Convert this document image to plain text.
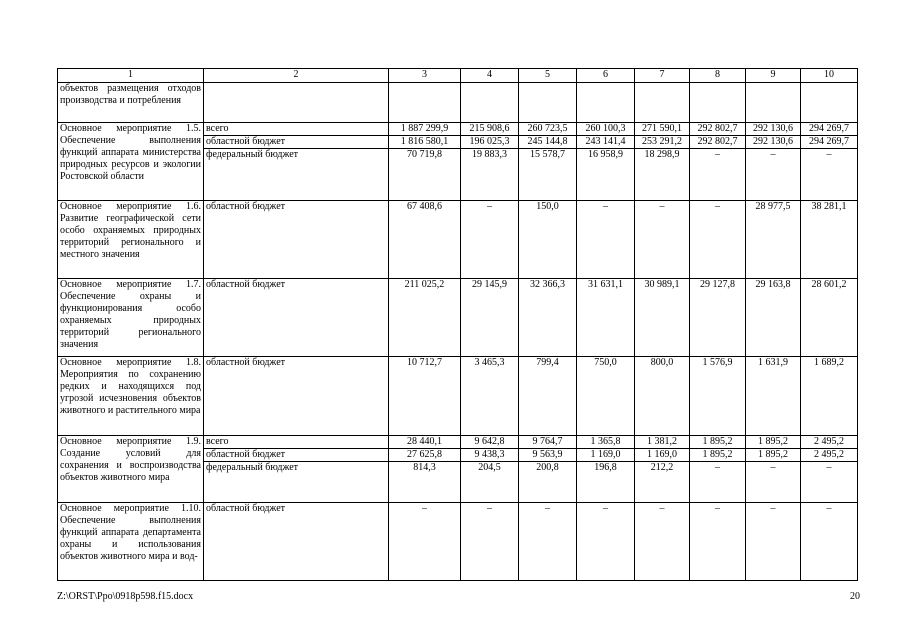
1	2	3	4	5	6	7	8	9	10
объектов размещения отходов производства и потребления									
Основное мероприятие 1.5. Обеспечение выполнения функций аппарата министерства природных ресурсов и экологии Ростовской области	всего	1 887 299,9	215 908,6	260 723,5	260 100,3	271 590,1	292 802,7	292 130,6	294 269,7
	областной бюджет	1 816 580,1	196 025,3	245 144,8	243 141,4	253 291,2	292 802,7	292 130,6	294 269,7
	федеральный бюджет	70 719,8	19 883,3	15 578,7	16 958,9	18 298,9	–	–	–
Основное мероприятие 1.6. Развитие географической сети особо охраняемых природных территорий регионального и местного значения	областной бюджет	67 408,6	–	150,0	–	–	–	28 977,5	38 281,1
Основное мероприятие 1.7. Обеспечение охраны и функционирования особо охраняемых природных территорий регионального значения	областной бюджет	211 025,2	29 145,9	32 366,3	31 631,1	30 989,1	29 127,8	29 163,8	28 601,2
Основное мероприятие 1.8. Мероприятия по сохранению редких и находящихся под угрозой исчезновения объектов животного и растительного мира	областной бюджет	10 712,7	3 465,3	799,4	750,0	800,0	1 576,9	1 631,9	1 689,2
Основное мероприятие 1.9. Создание условий для сохранения и воспроизводства объектов животного мира	всего	28 440,1	9 642,8	9 764,7	1 365,8	1 381,2	1 895,2	1 895,2	2 495,2
	областной бюджет	27 625,8	9 438,3	9 563,9	1 169,0	1 169,0	1 895,2	1 895,2	2 495,2
	федеральный бюджет	814,3	204,5	200,8	196,8	212,2	–	–	–
Основное мероприятие 1.10. Обеспечение выполнения функций аппарата департамента охраны и использования объектов животного мира и вод-	областной бюджет	–	–	–	–	–	–	–	–
Z:\ORST\Ppo\0918p598.f15.docx	20
